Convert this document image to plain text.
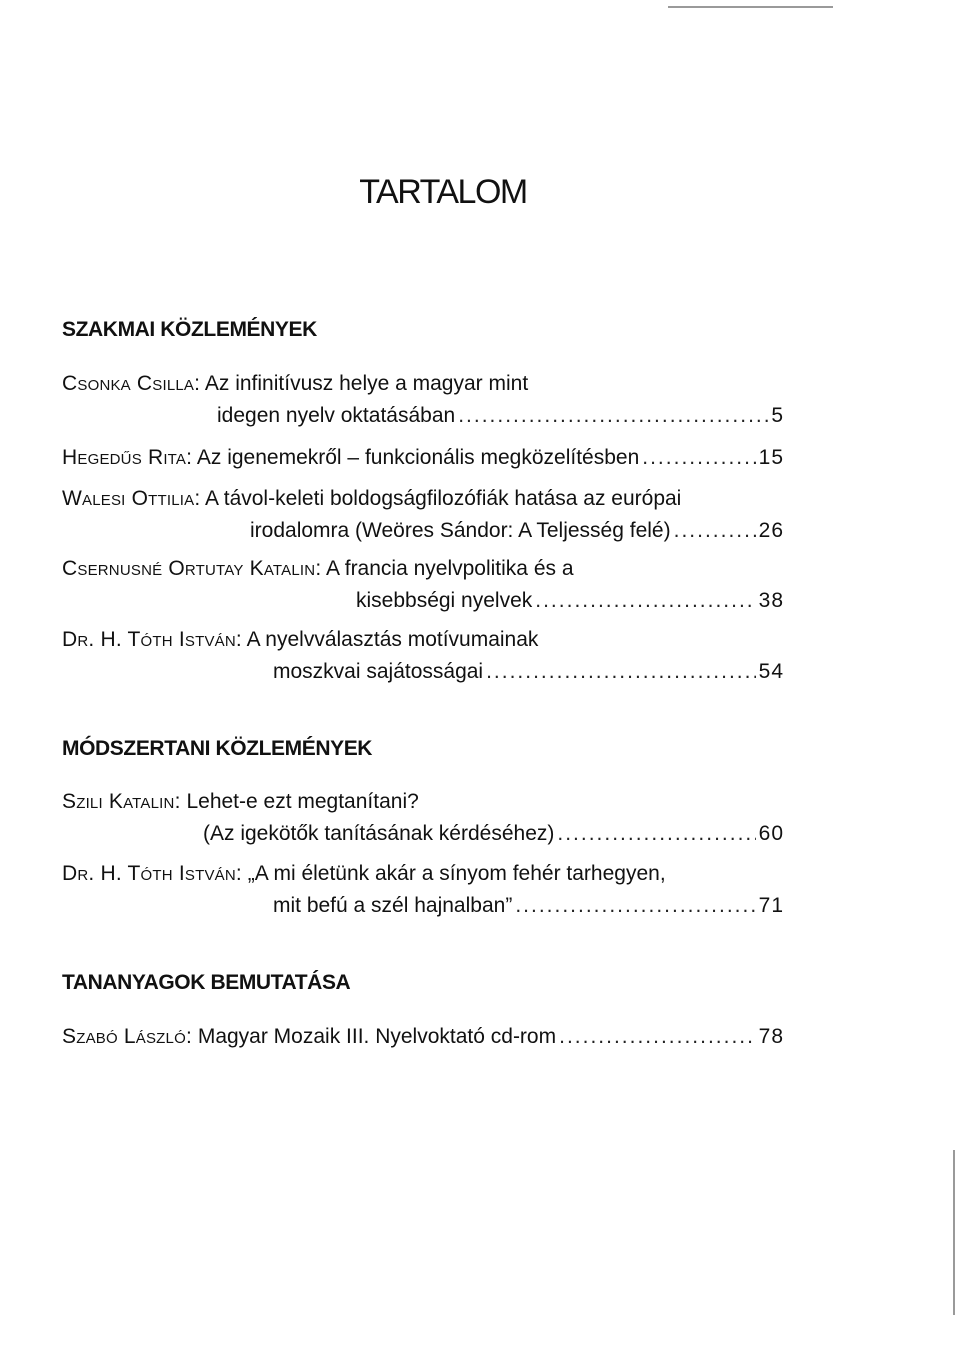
TARTALOM
SZAKMAI KÖZLEMÉNYEK
Csonka Csilla: Az infinitívusz helye a magyar mint
idegen nyelv oktatásában .....	5
Hegedűs Rita: Az igenemekről – funkcionális megközelítésben .....	15
Walesi Ottilia: A távol-keleti boldogságfilozófiák hatása az európai
irodalomra (Weöres Sándor: A Teljesség felé) .....	26
Csernusné Ortutay Katalin: A francia nyelvpolitika és a
kisebbségi nyelvek .....	38
Dr. H. Tóth István: A nyelvválasztás motívumainak
moszkvai sajátosságai .....	54
MÓDSZERTANI KÖZLEMÉNYEK
Szili Katalin: Lehet-e ezt megtanítani?
(Az igekötők tanításának kérdéséhez) .....	60
Dr. H. Tóth István: „A mi életünk akár a sínyom fehér tarhegyen,
mit befú a szél hajnalban” .....	71
TANANYAGOK BEMUTATÁSA
Szabó László: Magyar Mozaik III. Nyelvoktató cd-rom .....	78
